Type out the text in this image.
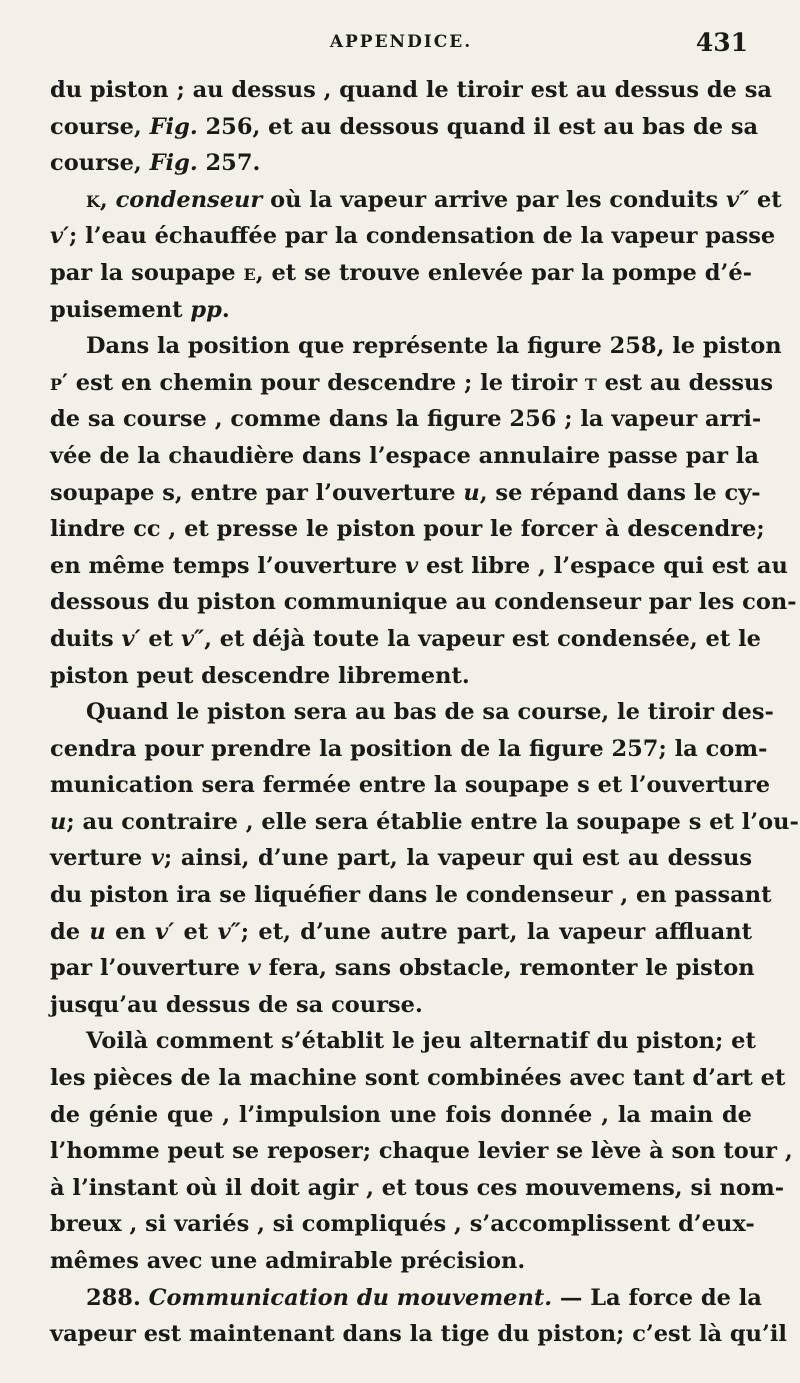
APPENDICE.	431
du piston ; au dessus , quand le tiroir est au dessus de sa
course, Fig. 256, et au dessous quand il est au bas de sa
course, Fig. 257.
k, condenseur où la vapeur arrive par les conduits v″ et
v′; l’eau échauffée par la condensation de la vapeur passe
par la soupape e, et se trouve enlevée par la pompe d’é-
puisement pp.
Dans la position que représente la figure 258, le piston
p′ est en chemin pour descendre ; le tiroir t est au dessus
de sa course , comme dans la figure 256 ; la vapeur arri-
vée de la chaudière dans l’espace annulaire passe par la
soupape s, entre par l’ouverture u, se répand dans le cy-
lindre cc , et presse le piston pour le forcer à descendre;
en même temps l’ouverture v est libre , l’espace qui est au
dessous du piston communique au condenseur par les con-
duits v′ et v″, et déjà toute la vapeur est condensée, et le
piston peut descendre librement.
Quand le piston sera au bas de sa course, le tiroir des-
cendra pour prendre la position de la figure 257; la com-
munication sera fermée entre la soupape s et l’ouverture
u; au contraire , elle sera établie entre la soupape s et l’ou-
verture v; ainsi, d’une part, la vapeur qui est au dessus
du piston ira se liquéfier dans le condenseur , en passant
de u en v′ et v″; et, d’une autre part, la vapeur affluant
par l’ouverture v fera, sans obstacle, remonter le piston
jusqu’au dessus de sa course.
Voilà comment s’établit le jeu alternatif du piston; et
les pièces de la machine sont combinées avec tant d’art et
de génie que , l’impulsion une fois donnée , la main de
l’homme peut se reposer; chaque levier se lève à son tour ,
à l’instant où il doit agir , et tous ces mouvemens, si nom-
breux , si variés , si compliqués , s’accomplissent d’eux-
mêmes avec une admirable précision.
288. Communication du mouvement. — La force de la
vapeur est maintenant dans la tige du piston; c’est là qu’il
